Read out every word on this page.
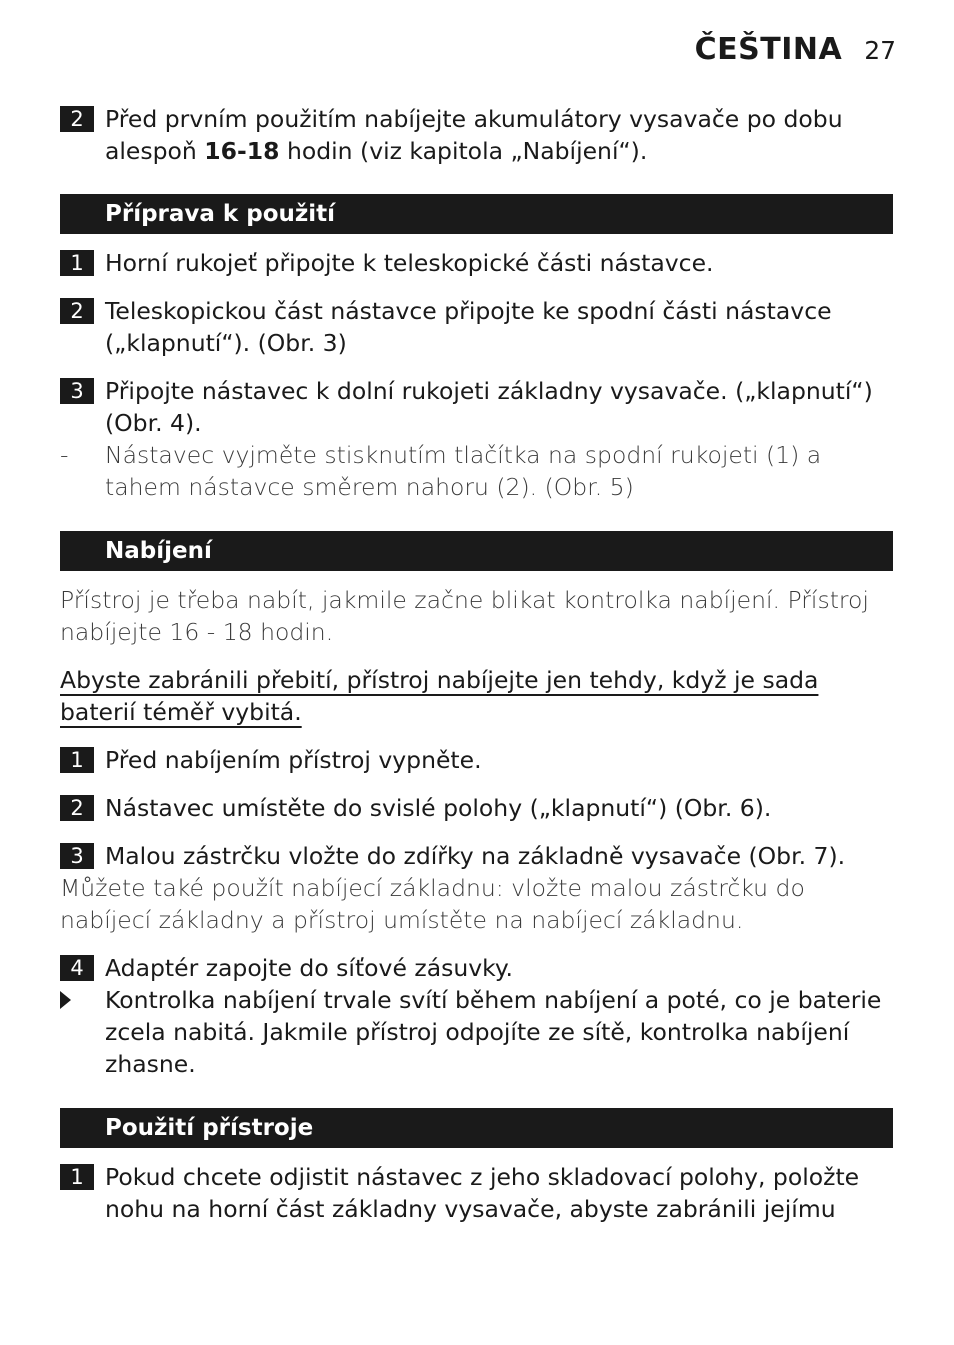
ČEŠTINA 27
2 Před prvním použitím nabíjejte akumulátory vysavače po dobu alespoň 16-18 hodin (viz kapitola „Nabíjení“).
Příprava k použití
1 Horní rukojeť připojte k teleskopické části nástavce.
2 Teleskopickou část nástavce připojte ke spodní části nástavce („klapnutí“). (Obr. 3)
3 Připojte nástavec k dolní rukojeti základny vysavače. („klapnutí“) (Obr. 4).
-	Nástavec vyjměte stisknutím tlačítka na spodní rukojeti (1) a tahem nástavce směrem nahoru (2). (Obr. 5)
Nabíjení
Přístroj je třeba nabít, jakmile začne blikat kontrolka nabíjení. Přístroj nabíjejte 16 - 18 hodin.
Abyste zabránili přebití, přístroj nabíjejte jen tehdy, když je sada baterií téměř vybitá.
1 Před nabíjením přístroj vypněte.
2 Nástavec umístěte do svislé polohy („klapnutí“) (Obr. 6).
3 Malou zástrčku vložte do zdířky na základně vysavače (Obr. 7).
Můžete také použít nabíjecí základnu: vložte malou zástrčku do nabíjecí základny a přístroj umístěte na nabíjecí základnu.
4 Adaptér zapojte do síťové zásuvky.
Kontrolka nabíjení trvale svítí během nabíjení a poté, co je baterie zcela nabitá. Jakmile přístroj odpojíte ze sítě, kontrolka nabíjení zhasne.
Použití přístroje
1 Pokud chcete odjistit nástavec z jeho skladovací polohy, položte nohu na horní část základny vysavače, abyste zabránili jejímu
